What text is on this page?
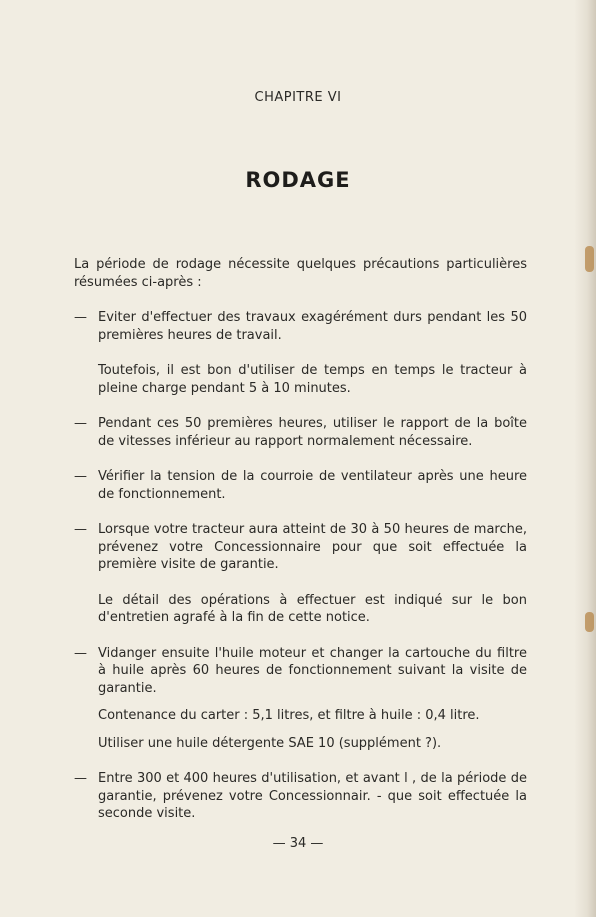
CHAPITRE VI
RODAGE

La période de rodage nécessite quelques précautions particulières résumées ci-après :

— Eviter d'effectuer des travaux exagérément durs pendant les 50 premières heures de travail.

Toutefois, il est bon d'utiliser de temps en temps le tracteur à pleine charge pendant 5 à 10 minutes.

— Pendant ces 50 premières heures, utiliser le rapport de la boîte de vitesses inférieur au rapport normalement nécessaire.

— Vérifier la tension de la courroie de ventilateur après une heure de fonctionnement.

— Lorsque votre tracteur aura atteint de 30 à 50 heures de marche, prévenez votre Concessionnaire pour que soit effectuée la première visite de garantie.

Le détail des opérations à effectuer est indiqué sur le bon d'entretien agrafé à la fin de cette notice.

— Vidanger ensuite l'huile moteur et changer la cartouche du filtre à huile après 60 heures de fonctionnement suivant la visite de garantie.

Contenance du carter : 5,1 litres, et filtre à huile : 0,4 litre.

Utiliser une huile détergente SAE 10 (supplément ?).

— Entre 300 et 400 heures d'utilisation, et avant l , de la période de garantie, prévenez votre Concessionnair. - que soit effectuée la seconde visite.

— 34 —
